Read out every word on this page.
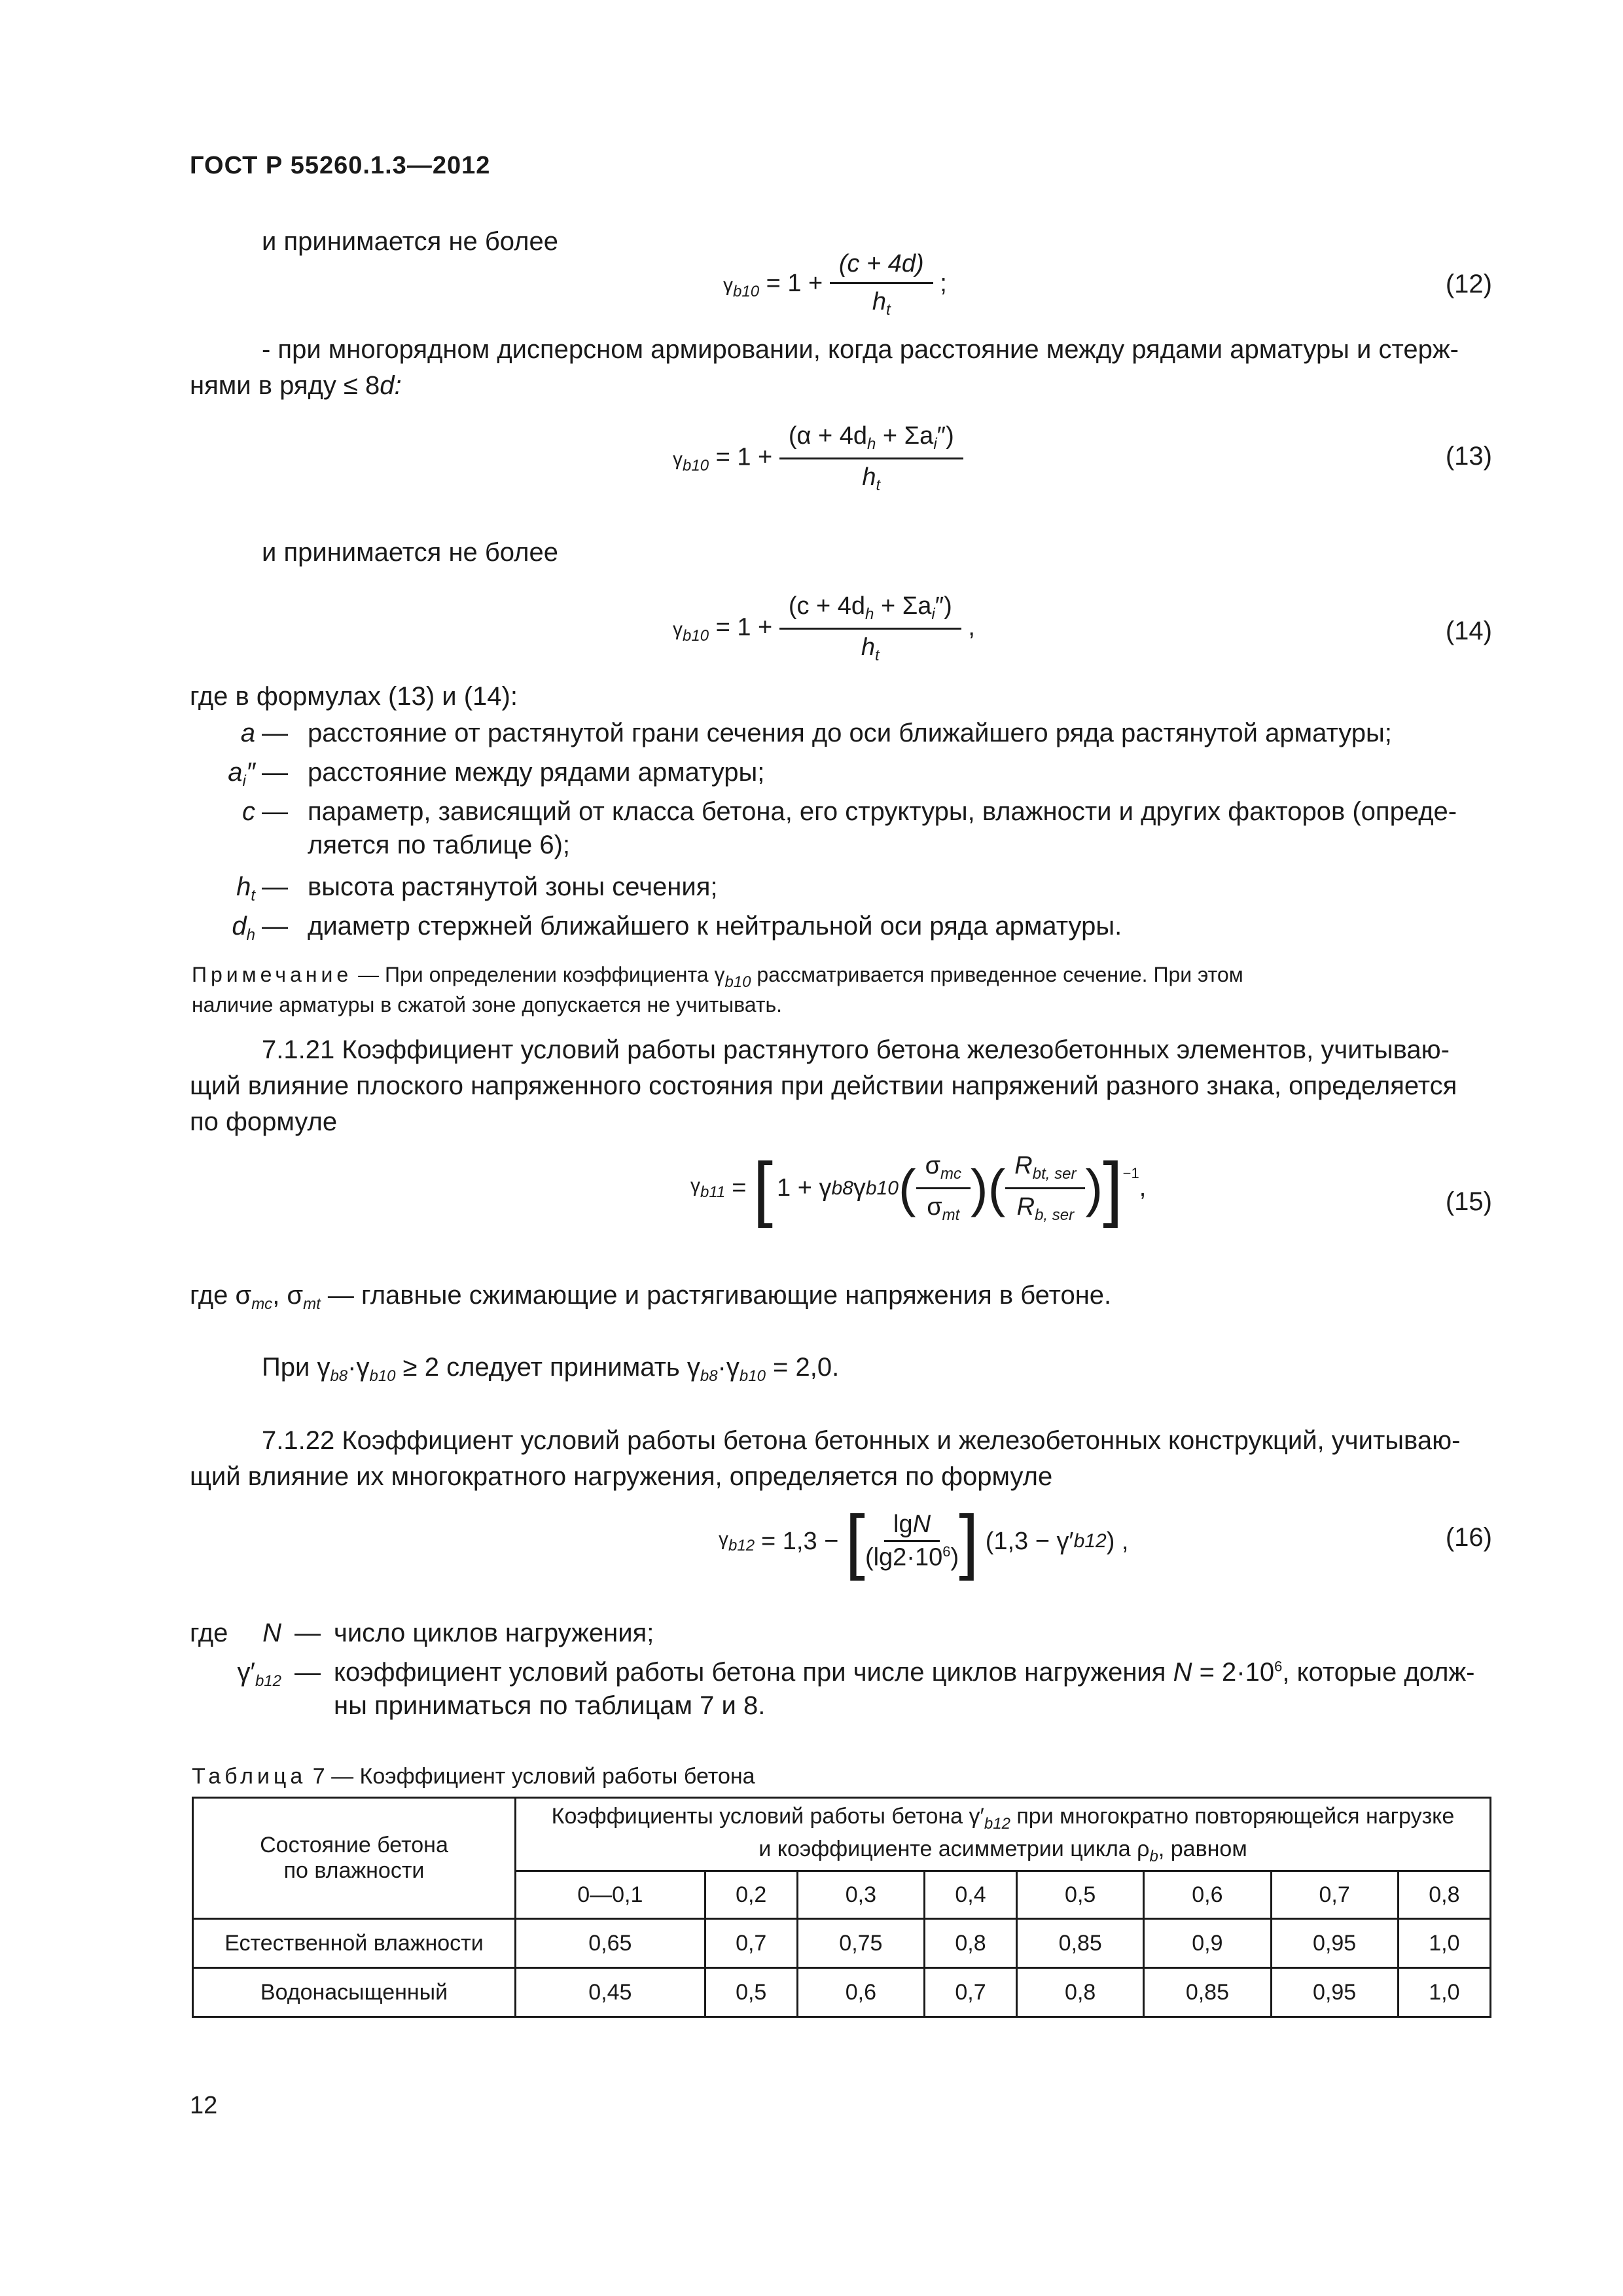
ГОСТ Р 55260.1.3—2012
и принимается не более
$\gamma_{b10} = 1 + \frac{(c + 4d)}{h_t}$ ;	(12)
- при многорядном дисперсном армировании, когда расстояние между рядами арматуры и стерж-
нями в ряду ≤ 8d:
$\gamma_{b10} = 1 + \frac{(\alpha + 4d_h + \Sigma a_i'')}{h_t}$	(13)
и принимается не более
$\gamma_{b10} = 1 + \frac{(c + 4d_h + \Sigma a_i'')}{h_t}$ ,	(14)
где в формулах (13) и (14):
a — расстояние от растянутой грани сечения до оси ближайшего ряда растянутой арматуры;
$a_i''$ — расстояние между рядами арматуры;
c — параметр, зависящий от класса бетона, его структуры, влажности и других факторов (опреде-
ляется по таблице 6);
$h_t$ — высота растянутой зоны сечения;
$d_h$ — диаметр стержней ближайшего к нейтральной оси ряда арматуры.
Примечание — При определении коэффициента $\gamma_{b10}$ рассматривается приведенное сечение. При этом
наличие арматуры в сжатой зоне допускается не учитывать.
7.1.21 Коэффициент условий работы растянутого бетона железобетонных элементов, учитываю-
щий влияние плоского напряженного состояния при действии напряжений разного знака, определяется
по формуле
$\gamma_{b11}$ = [ 1 + γ b8 γ b10 ( $\frac{\sigma_{mc}}{\sigma_{mt}}$ ) ( $\frac{R_{bt, ser}}{R_{b, ser}}$ ) ]$^{-1}$
,	(15)
где $\sigma_{mc}$, $\sigma_{mt}$ — главные сжимающие и растягивающие напряжения в бетоне.
При $\gamma_{b8}\cdot\gamma_{b10} \ge 2$ следует принимать $\gamma_{b8}\cdot\gamma_{b10} = 2,0$.
7.1.22 Коэффициент условий работы бетона бетонных и железобетонных конструкций, учитываю-
щий влияние их многократного нагружения, определяется по формуле
$\gamma_{b12} = 1,3$ − [ $\frac{\lg N}{(\lg 2\cdot 10^6)}$ ] (1,3 − γ′ b12 ) ,	(16)
где	N — число циклов нагружения;
$\gamma'_{b12}$ — коэффициент условий работы бетона при числе циклов нагружения $N = 2\cdot 10^6$, которые долж-
ны приниматься по таблицам 7 и 8.
Таблица 7 — Коэффициент условий работы бетона
Состояние бетона
по влажности	Коэффициенты условий работы бетона $\gamma'_{b12}$ при многократно повторяющейся нагрузке
и коэффициенте асимметрии цикла $\rho_b$, равном							
	0—0,1	0,2	0,3	0,4	0,5	0,6	0,7	0,8
Естественной влажности	0,65	0,7	0,75	0,8	0,85	0,9	0,95	1,0
Водонасыщенный	0,45	0,5	0,6	0,7	0,8	0,85	0,95	1,0
12
